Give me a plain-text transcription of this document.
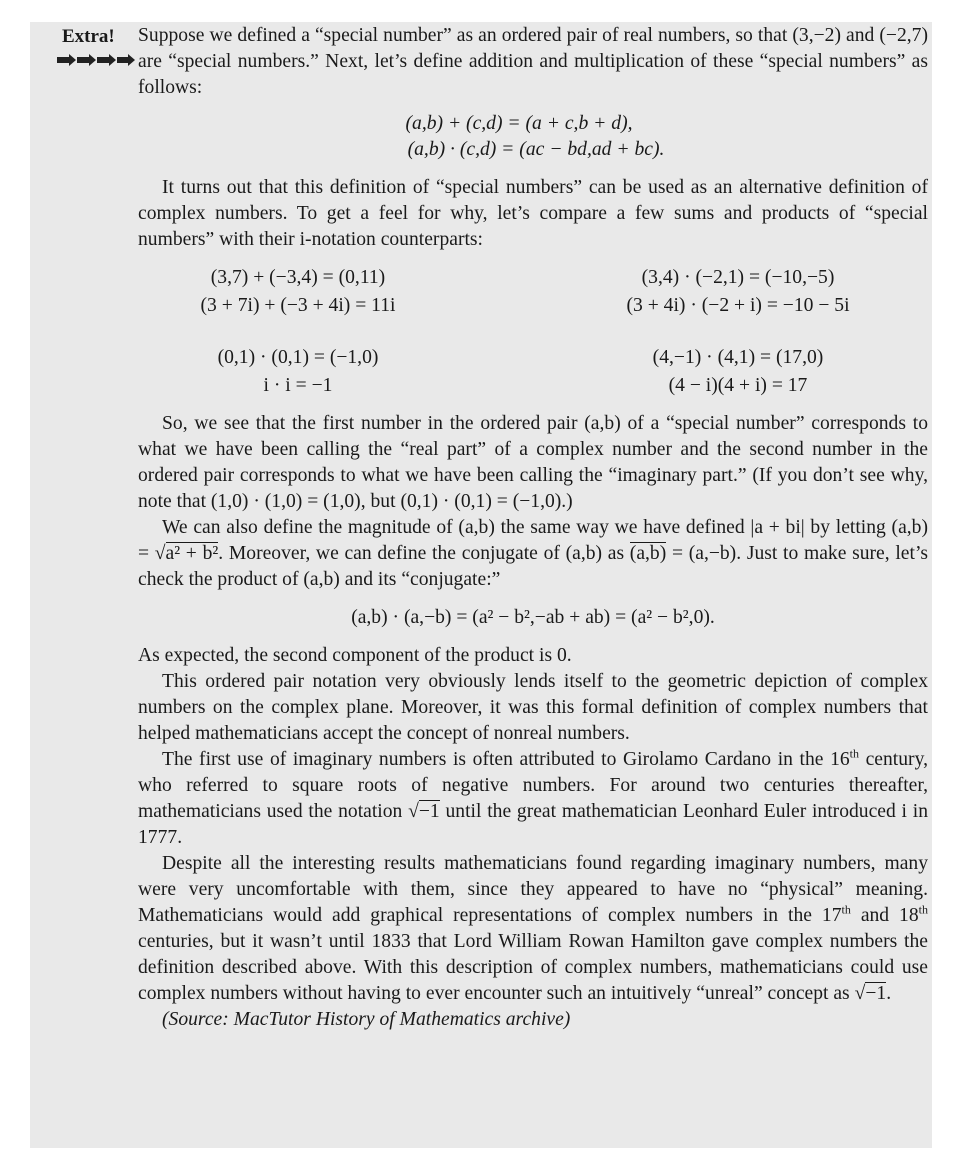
Extra! Suppose we defined a “special number” as an ordered pair of real numbers, so that (3,−2) and (−2,7) are “special numbers.” Next, let’s define addition and multiplication of these “special numbers” as follows:

(a,b) + (c,d) = (a + c,b + d),
(a,b) · (c,d) = (ac − bd,ad + bc).

It turns out that this definition of “special numbers” can be used as an alternative definition of complex numbers. To get a feel for why, let’s compare a few sums and products of “special numbers” with their i-notation counterparts:

(3,7) + (−3,4) = (0,11)	(3,4) · (−2,1) = (−10,−5)
(3 + 7i) + (−3 + 4i) = 11i	(3 + 4i) · (−2 + i) = −10 − 5i
(0,1) · (0,1) = (−1,0)	(4,−1) · (4,1) = (17,0)
i · i = −1	(4 − i)(4 + i) = 17

So, we see that the first number in the ordered pair (a,b) of a “special number” corresponds to what we have been calling the “real part” of a complex number and the second number in the ordered pair corresponds to what we have been calling the “imaginary part.” (If you don’t see why, note that (1,0) · (1,0) = (1,0), but (0,1) · (0,1) = (−1,0).)

We can also define the magnitude of (a,b) the same way we have defined |a + bi| by letting (a,b) = √a² + b². Moreover, we can define the conjugate of (a,b) as (a,b) = (a,−b). Just to make sure, let’s check the product of (a,b) and its “conjugate:”

(a,b) · (a,−b) = (a² − b²,−ab + ab) = (a² − b²,0).

As expected, the second component of the product is 0.

This ordered pair notation very obviously lends itself to the geometric depiction of complex numbers on the complex plane. Moreover, it was this formal definition of complex numbers that helped mathematicians accept the concept of nonreal numbers.

The first use of imaginary numbers is often attributed to Girolamo Cardano in the 16th century, who referred to square roots of negative numbers. For around two centuries thereafter, mathematicians used the notation √−1 until the great mathematician Leonhard Euler introduced i in 1777.

Despite all the interesting results mathematicians found regarding imaginary numbers, many were very uncomfortable with them, since they appeared to have no “physical” meaning. Mathematicians would add graphical representations of complex numbers in the 17th and 18th centuries, but it wasn’t until 1833 that Lord William Rowan Hamilton gave complex numbers the definition described above. With this description of complex numbers, mathematicians could use complex numbers without having to ever encounter such an intuitively “unreal” concept as √−1.

(Source: MacTutor History of Mathematics archive)
